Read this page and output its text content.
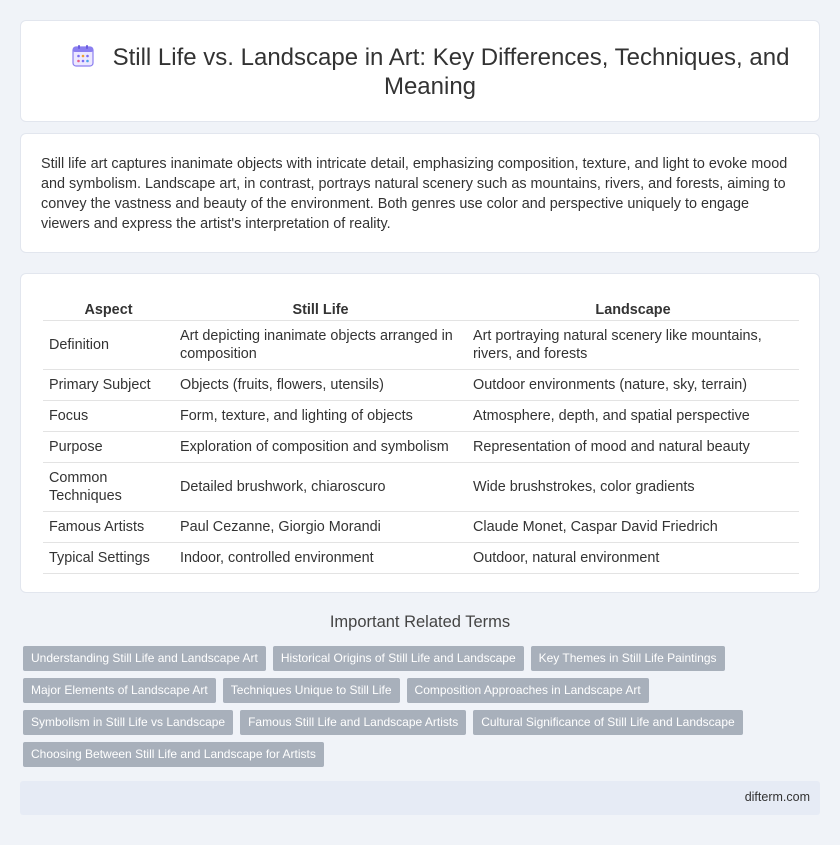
Still Life vs. Landscape in Art: Key Differences, Techniques, and Meaning

Still life art captures inanimate objects with intricate detail, emphasizing composition, texture, and light to evoke mood and symbolism. Landscape art, in contrast, portrays natural scenery such as mountains, rivers, and forests, aiming to convey the vastness and beauty of the environment. Both genres use color and perspective uniquely to engage viewers and express the artist's interpretation of reality.

Aspect	Still Life	Landscape
Definition	Art depicting inanimate objects arranged in composition	Art portraying natural scenery like mountains, rivers, and forests
Primary Subject	Objects (fruits, flowers, utensils)	Outdoor environments (nature, sky, terrain)
Focus	Form, texture, and lighting of objects	Atmosphere, depth, and spatial perspective
Purpose	Exploration of composition and symbolism	Representation of mood and natural beauty
Common Techniques	Detailed brushwork, chiaroscuro	Wide brushstrokes, color gradients
Famous Artists	Paul Cezanne, Giorgio Morandi	Claude Monet, Caspar David Friedrich
Typical Settings	Indoor, controlled environment	Outdoor, natural environment
Important Related Terms
Understanding Still Life and Landscape Art	Historical Origins of Still Life and Landscape	Key Themes in Still Life Paintings
Major Elements of Landscape Art	Techniques Unique to Still Life	Composition Approaches in Landscape Art
Symbolism in Still Life vs Landscape	Famous Still Life and Landscape Artists	Cultural Significance of Still Life and Landscape
Choosing Between Still Life and Landscape for Artists
difterm.com
